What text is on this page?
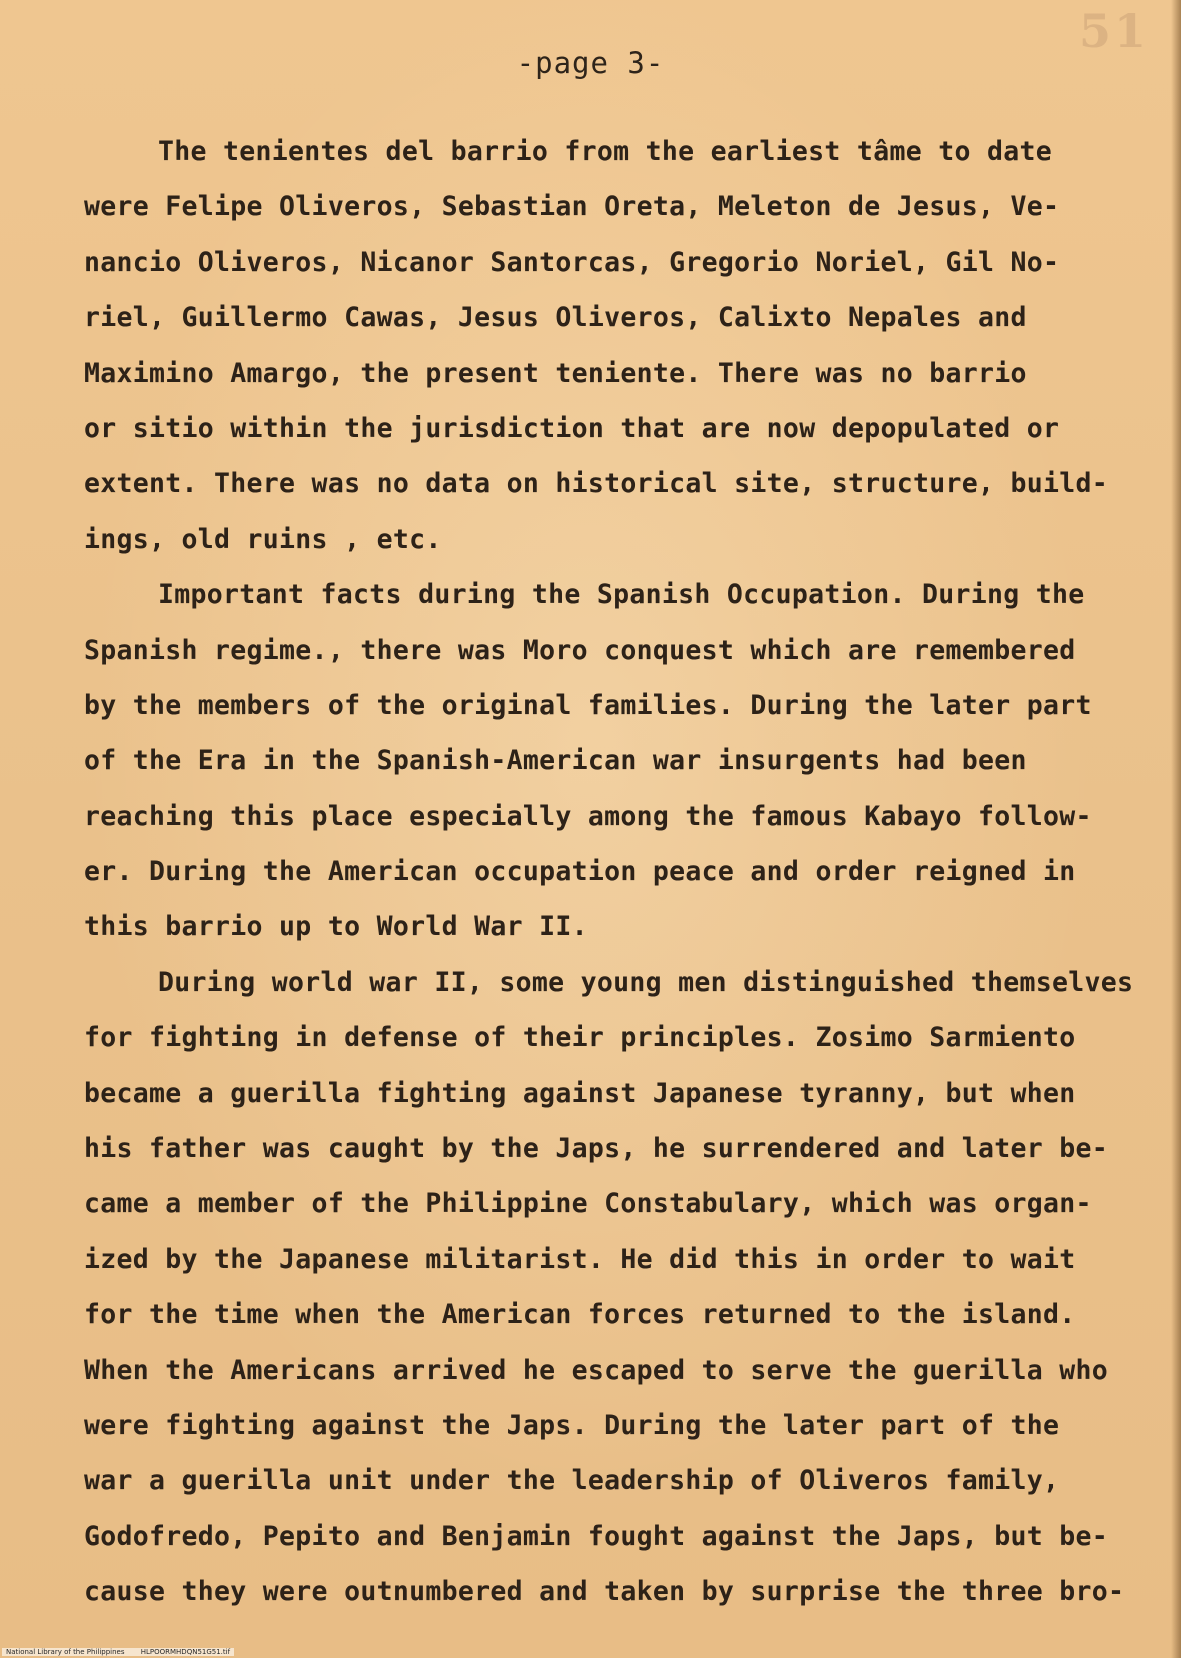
51
-page 3-
The tenientes del barrio from the earliest tâme to date
were Felipe Oliveros, Sebastian Oreta, Meleton de Jesus, Ve-
nancio Oliveros, Nicanor Santorcas, Gregorio Noriel, Gil No-
riel, Guillermo Cawas, Jesus Oliveros, Calixto Nepales and
Maximino Amargo, the present teniente. There was no barrio
or sitio within the jurisdiction that are now depopulated or
extent. There was no data on historical site, structure, build-
ings, old ruins , etc.
Important facts during the Spanish Occupation. During the
Spanish regime., there was Moro conquest which are remembered
by the members of the original families. During the later part
of the Era in the Spanish-American war insurgents had been
reaching this place especially among the famous Kabayo follow-
er. During the American occupation peace and order reigned in
this barrio up to World War II.
During world war II, some young men distinguished themselves
for fighting in defense of their principles. Zosimo Sarmiento
became a guerilla fighting against Japanese tyranny, but when
his father was caught by the Japs, he surrendered and later be-
came a member of the Philippine Constabulary, which was organ-
ized by the Japanese militarist. He did this in order to wait
for the time when the American forces returned to the island.
When the Americans arrived he escaped to serve the guerilla who
were fighting against the Japs. During the later part of the
war a guerilla unit under the leadership of Oliveros family,
Godofredo, Pepito and Benjamin fought against the Japs, but be-
cause they were outnumbered and taken by surprise the three bro-
National Library of the Philippines HLPOORMHDQN51G51.tif
